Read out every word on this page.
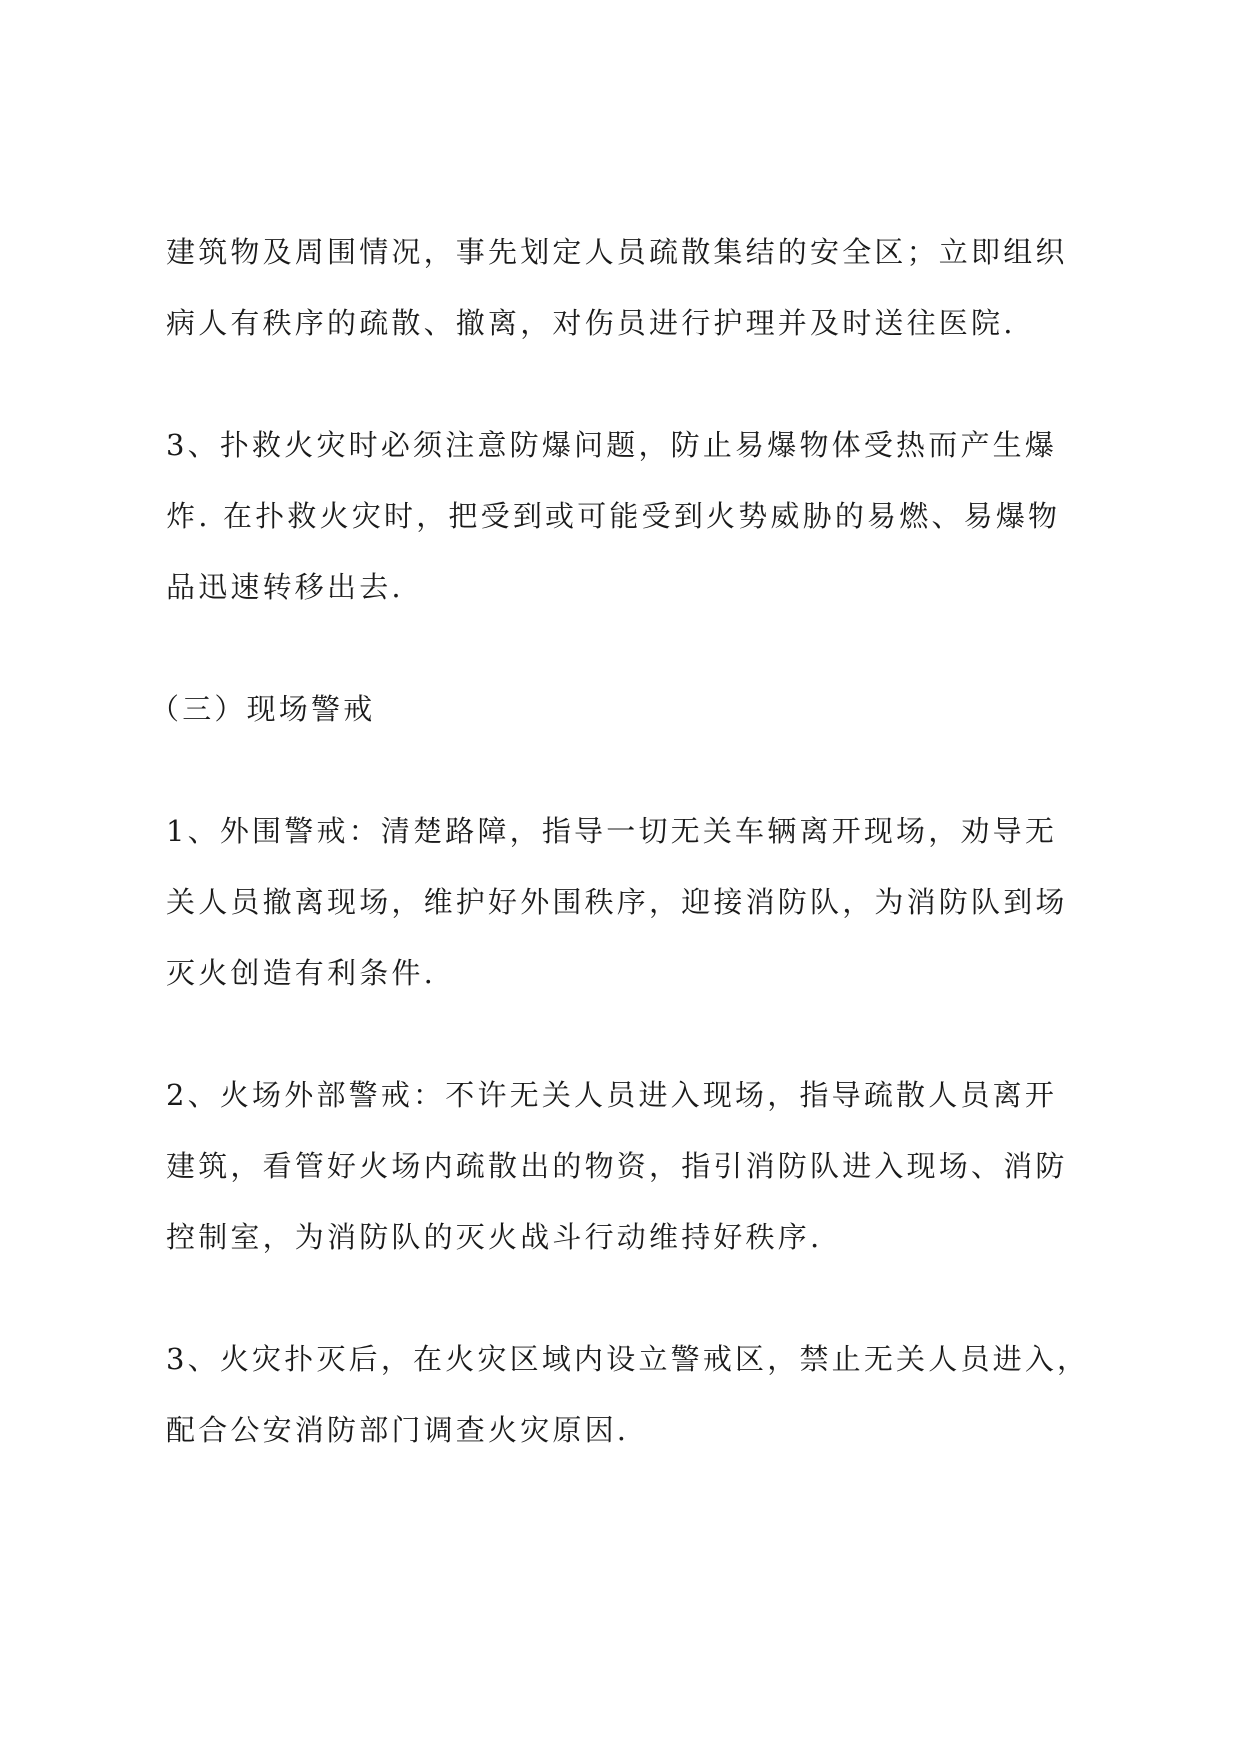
建筑物及周围情况，事先划定人员疏散集结的安全区；立即组织

病人有秩序的疏散、撤离，对伤员进行护理并及时送往医院.

3、扑救火灾时必须注意防爆问题，防止易爆物体受热而产生爆

炸. 在扑救火灾时，把受到或可能受到火势威胁的易燃、易爆物

品迅速转移出去.

（三）现场警戒

1、外围警戒：清楚路障，指导一切无关车辆离开现场，劝导无

关人员撤离现场，维护好外围秩序，迎接消防队，为消防队到场

灭火创造有利条件.

2、火场外部警戒：不许无关人员进入现场，指导疏散人员离开

建筑，看管好火场内疏散出的物资，指引消防队进入现场、消防

控制室，为消防队的灭火战斗行动维持好秩序.

3、火灾扑灭后，在火灾区域内设立警戒区，禁止无关人员进入，

配合公安消防部门调查火灾原因.
